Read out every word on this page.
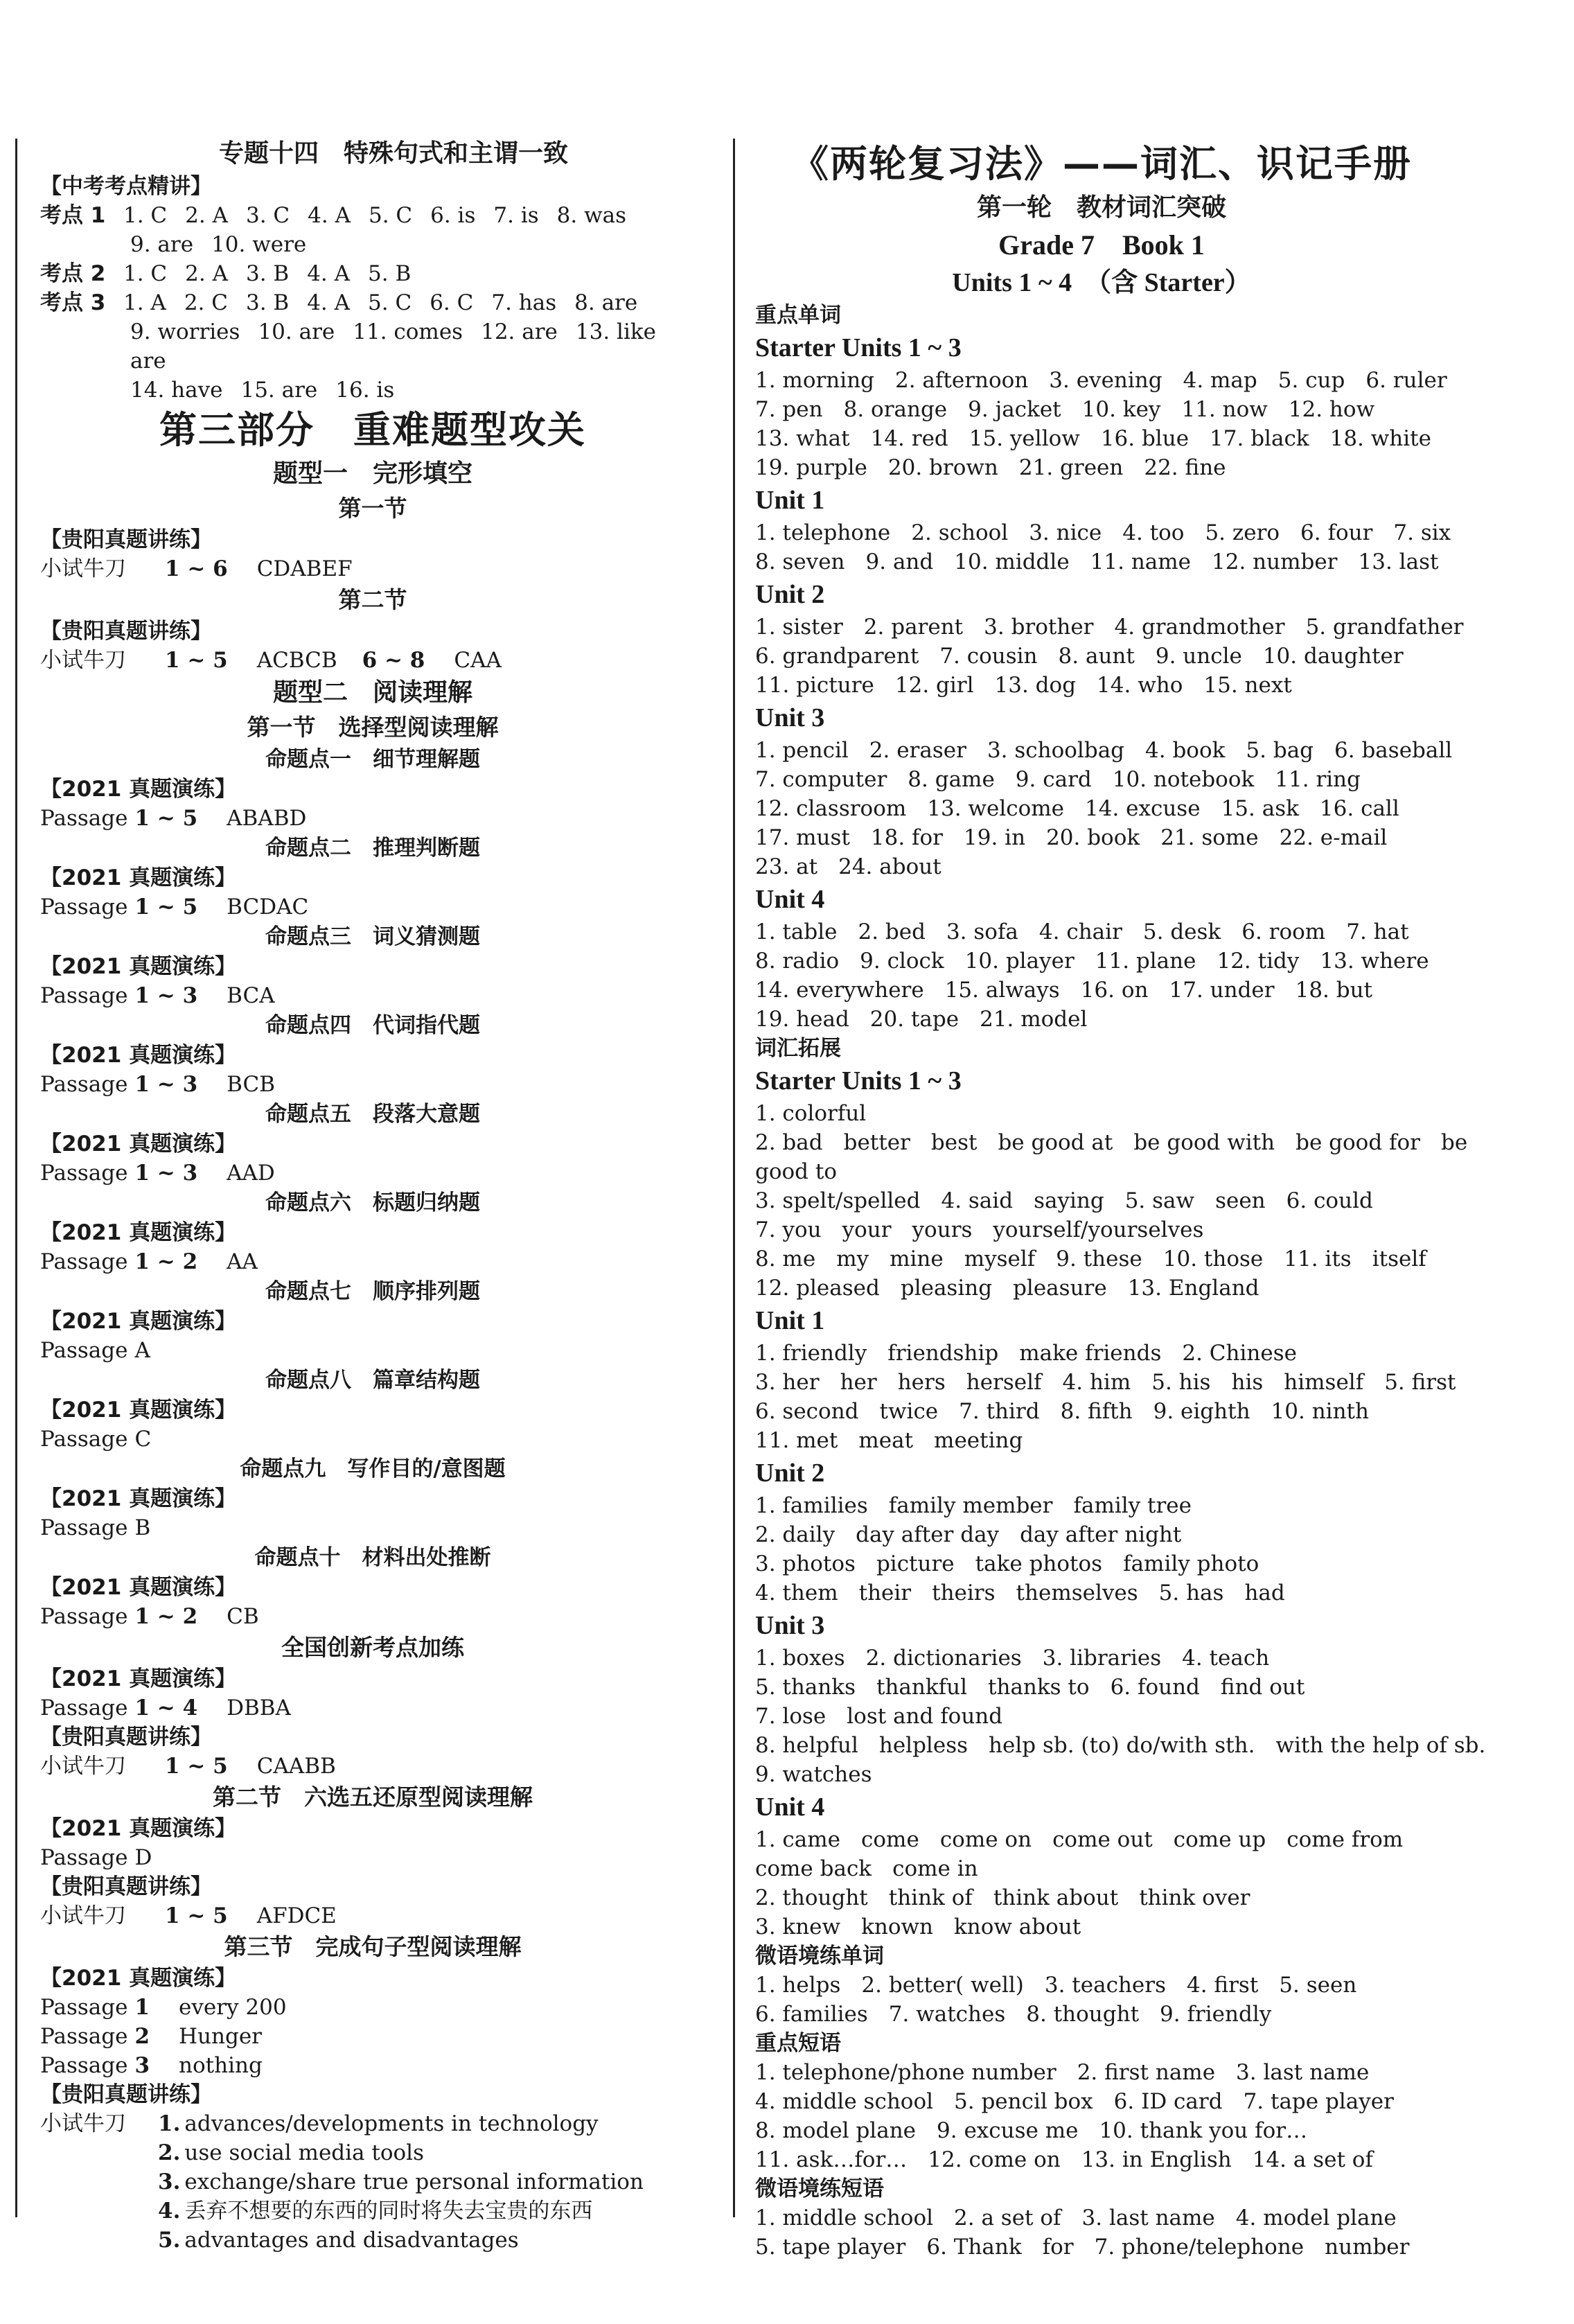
专题十四　特殊句式和主谓一致
【中考考点精讲】
考点 1 1. C 2. A 3. C 4. A 5. C 6. is 7. is 8. was
9. are 10. were
考点 2 1. C 2. A 3. B 4. A 5. B
考点 3 1. A 2. C 3. B 4. A 5. C 6. C 7. has 8. are
9. worries 10. are 11. comes 12. are 13. like
are
14. have 15. are 16. is
第三部分　重难题型攻关
题型一　完形填空
第一节
【贵阳真题讲练】
小试牛刀	1 ~ 6 CDABEF
第二节
【贵阳真题讲练】
小试牛刀	1 ~ 5 ACBCB 6 ~ 8 CAA
题型二　阅读理解
第一节　选择型阅读理解
命题点一　细节理解题
【2021 真题演练】
Passage 1 ~ 5 ABABD
命题点二　推理判断题
【2021 真题演练】
Passage 1 ~ 5 BCDAC
命题点三　词义猜测题
【2021 真题演练】
Passage 1 ~ 3 BCA
命题点四　代词指代题
【2021 真题演练】
Passage 1 ~ 3 BCB
命题点五　段落大意题
【2021 真题演练】
Passage 1 ~ 3 AAD
命题点六　标题归纳题
【2021 真题演练】
Passage 1 ~ 2 AA
命题点七　顺序排列题
【2021 真题演练】
Passage A
命题点八　篇章结构题
【2021 真题演练】
Passage C
命题点九　写作目的/意图题
【2021 真题演练】
Passage B
命题点十　材料出处推断
【2021 真题演练】
Passage 1 ~ 2 CB
全国创新考点加练
【2021 真题演练】
Passage 1 ~ 4 DBBA
【贵阳真题讲练】
小试牛刀	1 ~ 5 CAABB
第二节　六选五还原型阅读理解
【2021 真题演练】
Passage D
【贵阳真题讲练】
小试牛刀	1 ~ 5 AFDCE
第三节　完成句子型阅读理解
【2021 真题演练】
Passage 1 every 200
Passage 2 Hunger
Passage 3 nothing
【贵阳真题讲练】
小试牛刀	1. advances/developments in technology
2. use social media tools
3. exchange/share true personal information
4. 丢弃不想要的东西的同时将失去宝贵的东西
5. advantages and disadvantages
《两轮复习法》——词汇、识记手册
第一轮　教材词汇突破
Grade 7　Book 1
Units 1 ~ 4　（含 Starter）
重点单词
Starter Units 1 ~ 3
1. morning 2. afternoon 3. evening 4. map 5. cup 6. ruler
7. pen 8. orange 9. jacket 10. key 11. now 12. how
13. what 14. red 15. yellow 16. blue 17. black 18. white
19. purple 20. brown 21. green 22. fine
Unit 1
1. telephone 2. school 3. nice 4. too 5. zero 6. four 7. six
8. seven 9. and 10. middle 11. name 12. number 13. last
Unit 2
1. sister 2. parent 3. brother 4. grandmother 5. grandfather
6. grandparent 7. cousin 8. aunt 9. uncle 10. daughter
11. picture 12. girl 13. dog 14. who 15. next
Unit 3
1. pencil 2. eraser 3. schoolbag 4. book 5. bag 6. baseball
7. computer 8. game 9. card 10. notebook 11. ring
12. classroom 13. welcome 14. excuse 15. ask 16. call
17. must 18. for 19. in 20. book 21. some 22. e-mail
23. at 24. about
Unit 4
1. table 2. bed 3. sofa 4. chair 5. desk 6. room 7. hat
8. radio 9. clock 10. player 11. plane 12. tidy 13. where
14. everywhere 15. always 16. on 17. under 18. but
19. head 20. tape 21. model
词汇拓展
Starter Units 1 ~ 3
1. colorful
2. bad better best be good at be good with be good for be
good to
3. spelt/spelled 4. said saying 5. saw seen 6. could
7. you your yours yourself/yourselves
8. me my mine myself 9. these 10. those 11. its itself
12. pleased pleasing pleasure 13. England
Unit 1
1. friendly friendship make friends 2. Chinese
3. her her hers herself 4. him 5. his his himself 5. first
6. second twice 7. third 8. fifth 9. eighth 10. ninth
11. met meat meeting
Unit 2
1. families family member family tree
2. daily day after day day after night
3. photos picture take photos family photo
4. them their theirs themselves 5. has had
Unit 3
1. boxes 2. dictionaries 3. libraries 4. teach
5. thanks thankful thanks to 6. found find out
7. lose lost and found
8. helpful helpless help sb. (to) do/with sth. with the help of sb.
9. watches
Unit 4
1. came come come on come out come up come from
come back come in
2. thought think of think about think over
3. knew known know about
微语境练单词
1. helps 2. better( well) 3. teachers 4. first 5. seen
6. families 7. watches 8. thought 9. friendly
重点短语
1. telephone/phone number 2. first name 3. last name
4. middle school 5. pencil box 6. ID card 7. tape player
8. model plane 9. excuse me 10. thank you for…
11. ask…for… 12. come on 13. in English 14. a set of
微语境练短语
1. middle school 2. a set of 3. last name 4. model plane
5. tape player 6. Thank for 7. phone/telephone number
